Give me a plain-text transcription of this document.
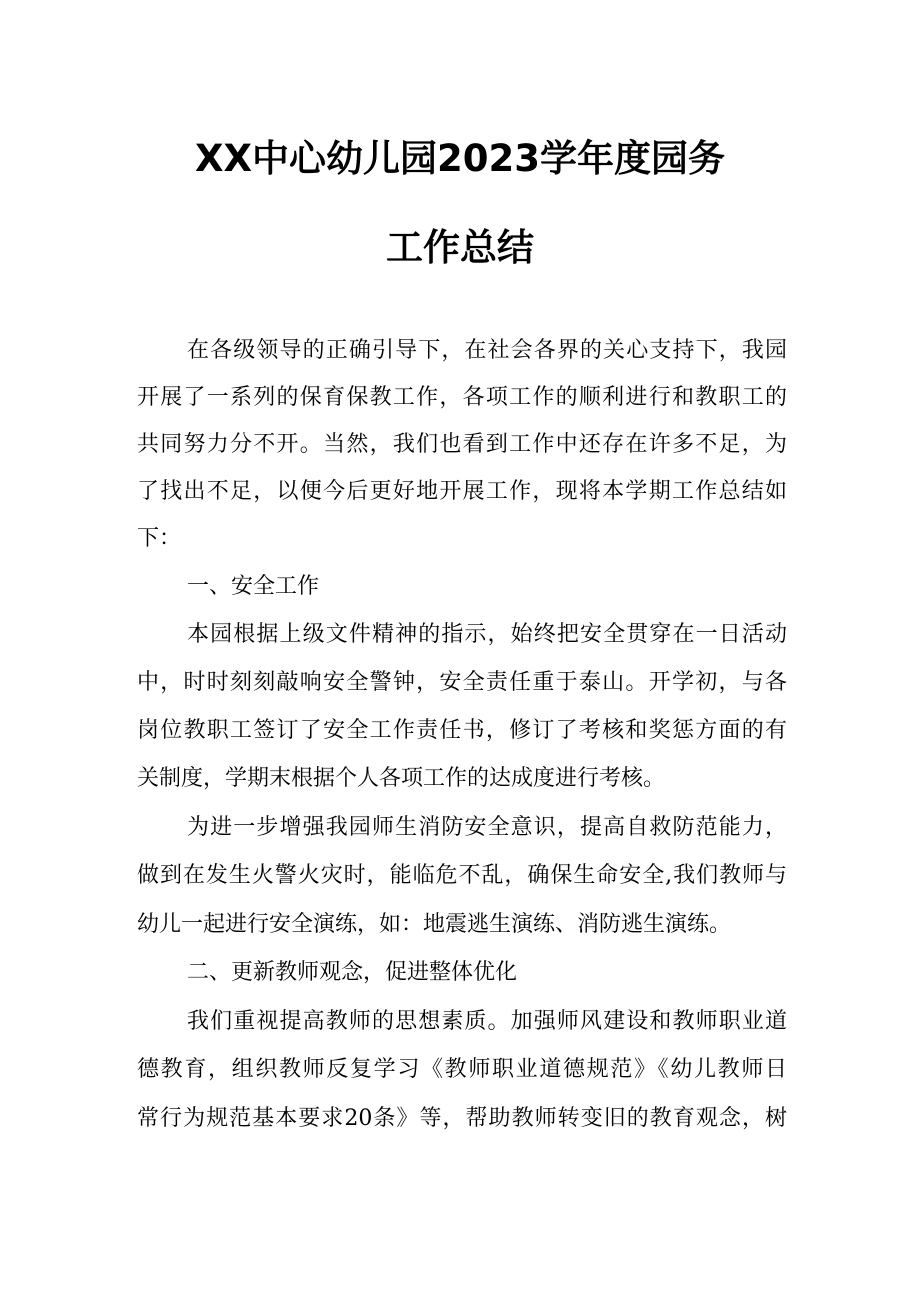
XX中心幼儿园2023学年度园务
工作总结
在各级领导的正确引导下，在社会各界的关心支持下，我园
开展了一系列的保育保教工作，各项工作的顺利进行和教职工的
共同努力分不开。当然，我们也看到工作中还存在许多不足，为
了找出不足，以便今后更好地开展工作，现将本学期工作总结如
下：
一、安全工作
本园根据上级文件精神的指示，始终把安全贯穿在一日活动
中，时时刻刻敲响安全警钟，安全责任重于泰山。开学初，与各
岗位教职工签订了安全工作责任书，修订了考核和奖惩方面的有
关制度，学期末根据个人各项工作的达成度进行考核。
为进一步增强我园师生消防安全意识，提高自救防范能力，
做到在发生火警火灾时，能临危不乱，确保生命安全,我们教师与
幼儿一起进行安全演练，如：地震逃生演练、消防逃生演练。
二、更新教师观念，促进整体优化
我们重视提高教师的思想素质。加强师风建设和教师职业道
德教育，组织教师反复学习《教师职业道德规范》《幼儿教师日
常行为规范基本要求20条》等，帮助教师转变旧的教育观念，树
